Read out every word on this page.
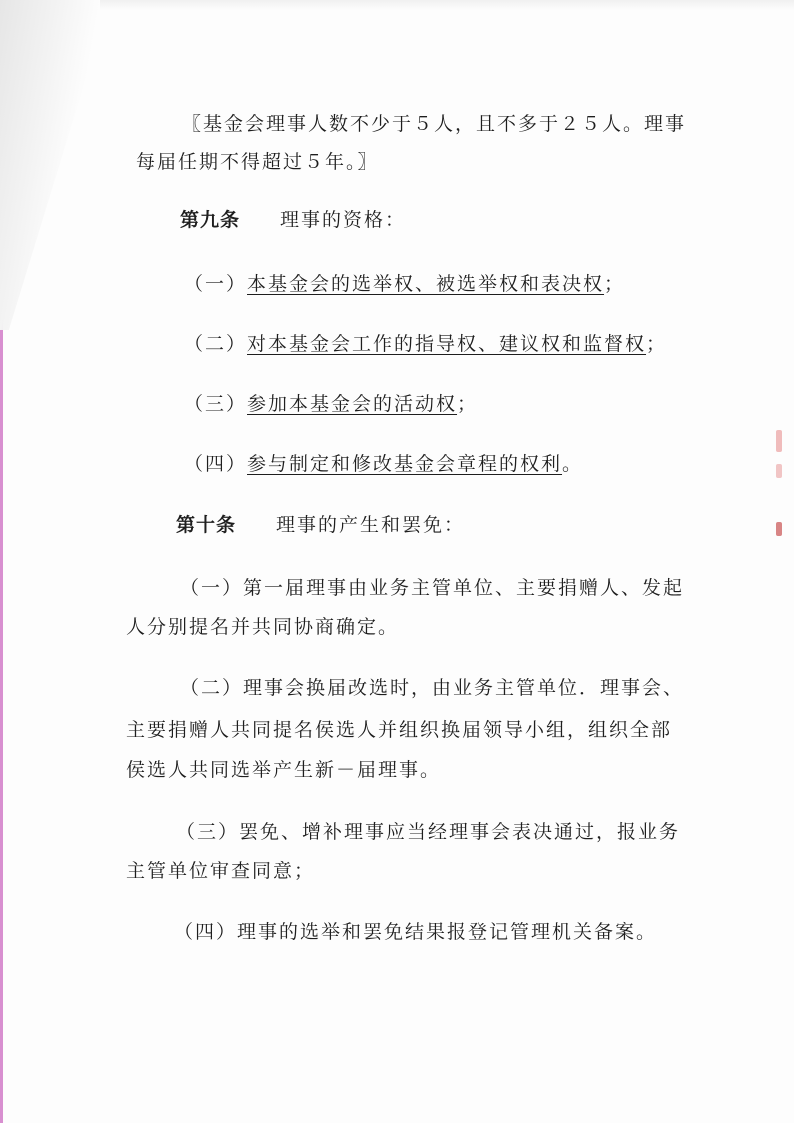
〖基金会理事人数不少于５人，且不多于２５人。理事
每届任期不得超过５年。〗
第九条 理事的资格：
（一）本基金会的选举权、被选举权和表决权；
（二）对本基金会工作的指导权、建议权和监督权；
（三）参加本基金会的活动权；
（四）参与制定和修改基金会章程的权利。
第十条 理事的产生和罢免：
（一）第一届理事由业务主管单位、主要捐赠人、发起
人分别提名并共同协商确定。
（二）理事会换届改选时，由业务主管单位．理事会、
主要捐赠人共同提名侯选人并组织换届领导小组，组织全部
侯选人共同选举产生新－届理事。
（三）罢免、增补理事应当经理事会表决通过，报业务
主管单位审查同意；
（四）理事的选举和罢免结果报登记管理机关备案。
